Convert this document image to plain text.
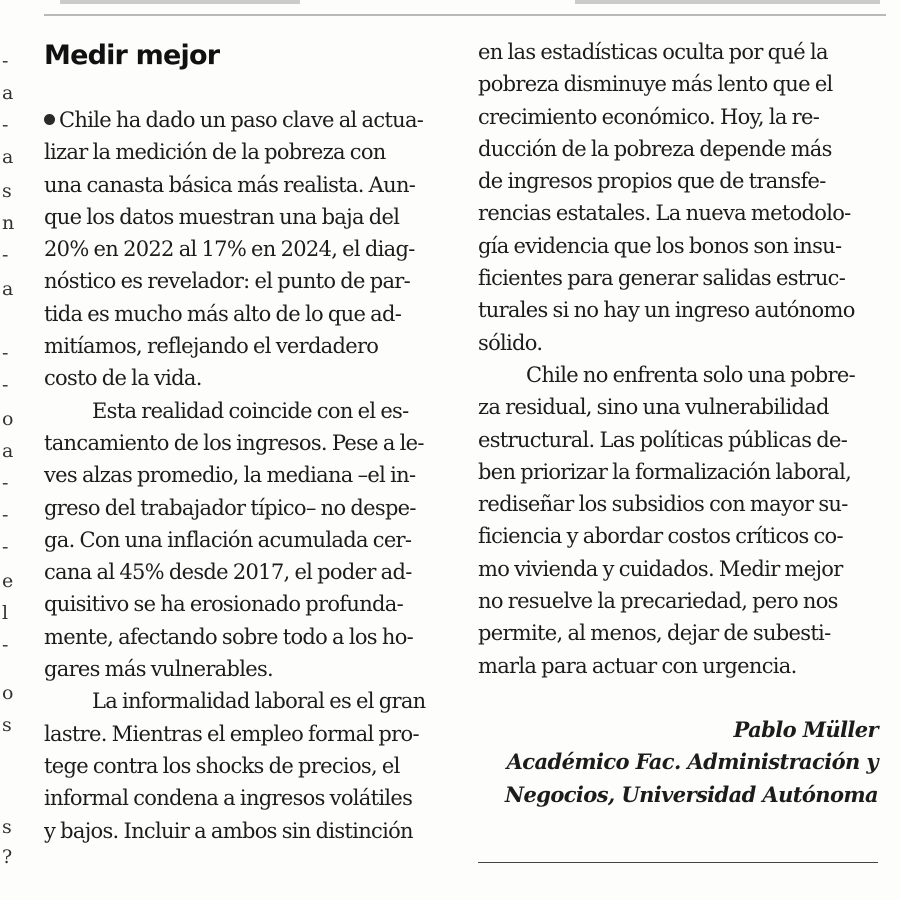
-
a
-
a
s
n
-
a
-
-
o
a
-
-
-
e
l
-
o
s
s
?
Medir mejor
Chile ha dado un paso clave al actua-
lizar la medición de la pobreza con
una canasta básica más realista. Aun-
que los datos muestran una baja del
20% en 2022 al 17% en 2024, el diag-
nóstico es revelador: el punto de par-
tida es mucho más alto de lo que ad-
mitíamos, reflejando el verdadero
costo de la vida.
Esta realidad coincide con el es-
tancamiento de los ingresos. Pese a le-
ves alzas promedio, la mediana –el in-
greso del trabajador típico– no despe-
ga. Con una inflación acumulada cer-
cana al 45% desde 2017, el poder ad-
quisitivo se ha erosionado profunda-
mente, afectando sobre todo a los ho-
gares más vulnerables.
La informalidad laboral es el gran
lastre. Mientras el empleo formal pro-
tege contra los shocks de precios, el
informal condena a ingresos volátiles
y bajos. Incluir a ambos sin distinción
en las estadísticas oculta por qué la
pobreza disminuye más lento que el
crecimiento económico. Hoy, la re-
ducción de la pobreza depende más
de ingresos propios que de transfe-
rencias estatales. La nueva metodolo-
gía evidencia que los bonos son insu-
ficientes para generar salidas estruc-
turales si no hay un ingreso autónomo
sólido.
Chile no enfrenta solo una pobre-
za residual, sino una vulnerabilidad
estructural. Las políticas públicas de-
ben priorizar la formalización laboral,
rediseñar los subsidios con mayor su-
ficiencia y abordar costos críticos co-
mo vivienda y cuidados. Medir mejor
no resuelve la precariedad, pero nos
permite, al menos, dejar de subesti-
marla para actuar con urgencia.
Pablo Müller
Académico Fac. Administración y
Negocios, Universidad Autónoma
